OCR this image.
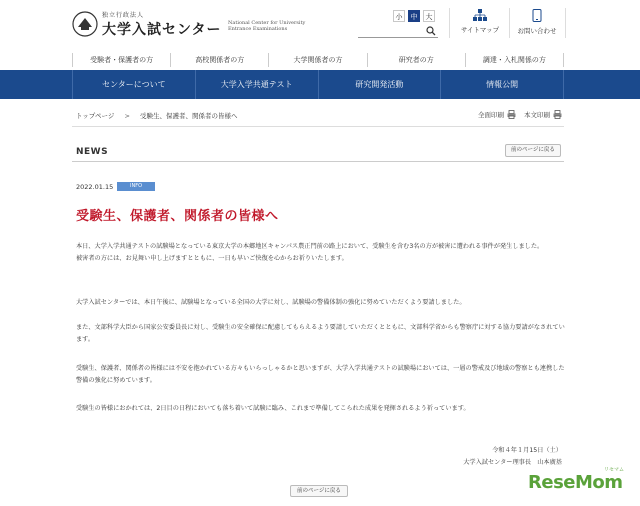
独立行政法人
大学入試センター National Center for University Entrance Examinations
小	中	大
サイトマップ	お問い合わせ
受験者・保護者の方	高校関係者の方	大学関係者の方	研究者の方	調達・入札関係の方
センターについて	大学入学共通テスト	研究開発活動	情報公開
トップページ > 受験生、保護者、関係者の皆様へ	全面印刷	本文印刷
NEWS	前のページに戻る
2022.01.15	INFO
受験生、保護者、関係者の皆様へ
本日、大学入学共通テストの試験場となっている東京大学の本郷地区キャンパス農正門前の路上において、受験生を含む3名の方が被害に遭われる事件が発生しました。
被害者の方には、お見舞い申し上げますとともに、一日も早いご快復を心からお祈りいたします。
大学入試センターでは、本日午後に、試験場となっている全国の大学に対し、試験場の警備体制の強化に努めていただくよう要請しました。
また、文部科学大臣から国家公安委員長に対し、受験生の安全確保に配慮してもらえるよう要請していただくとともに、文部科学省からも警察庁に対する協力要請がなされています。
受験生、保護者、関係者の皆様には不安を抱かれている方々もいらっしゃるかと思いますが、大学入学共通テストの試験場においては、一層の警戒及び地域の警察とも連携した警備の強化に努めています。
受験生の皆様におかれては、2日目の日程においても落ち着いて試験に臨み、これまで準備してこられた成果を発揮されるよう祈っています。
令和４年１月15日（土）
大学入試センター理事長　山本廣基
前のページに戻る
リセマム
ReseMom
